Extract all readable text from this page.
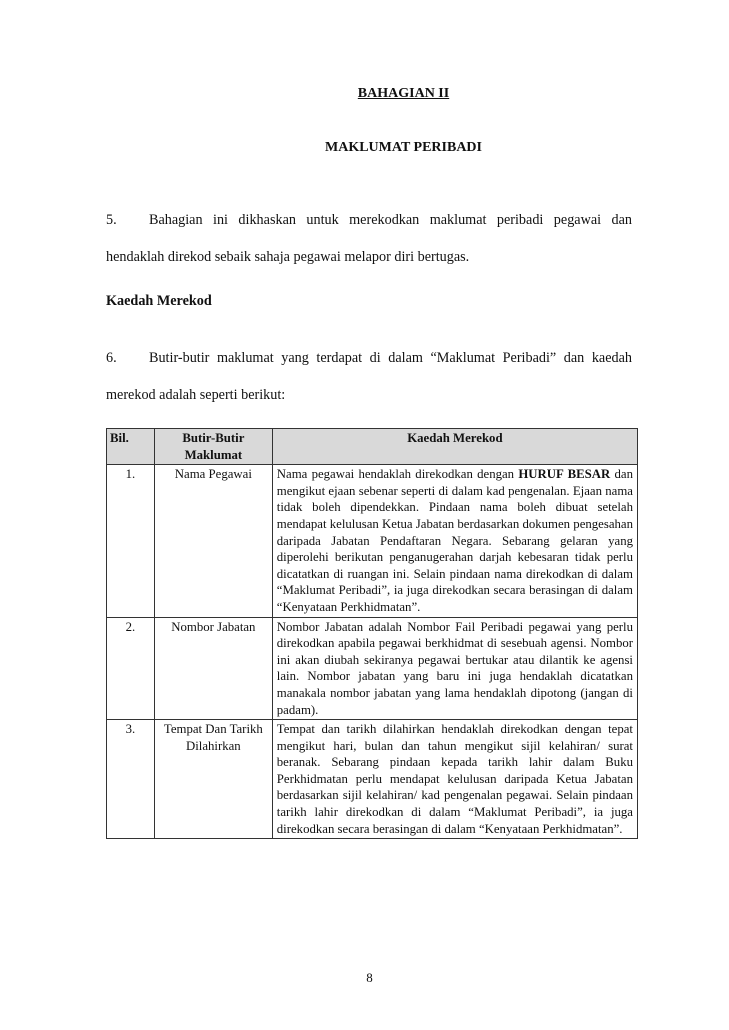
BAHAGIAN II
MAKLUMAT PERIBADI
5. Bahagian ini dikhaskan untuk merekodkan maklumat peribadi pegawai dan hendaklah direkod sebaik sahaja pegawai melapor diri bertugas.
Kaedah Merekod
6. Butir-butir maklumat yang terdapat di dalam “Maklumat Peribadi” dan kaedah merekod adalah seperti berikut:
Bil.	Butir-Butir Maklumat	Kaedah Merekod
1.	Nama Pegawai	Nama pegawai hendaklah direkodkan dengan HURUF BESAR dan mengikut ejaan sebenar seperti di dalam kad pengenalan. Ejaan nama tidak boleh dipendekkan. Pindaan nama boleh dibuat setelah mendapat kelulusan Ketua Jabatan berdasarkan dokumen pengesahan daripada Jabatan Pendaftaran Negara. Sebarang gelaran yang diperolehi berikutan penganugerahan darjah kebesaran tidak perlu dicatatkan di ruangan ini. Selain pindaan nama direkodkan di dalam “Maklumat Peribadi”, ia juga direkodkan secara berasingan di dalam “Kenyataan Perkhidmatan”.
2.	Nombor Jabatan	Nombor Jabatan adalah Nombor Fail Peribadi pegawai yang perlu direkodkan apabila pegawai berkhidmat di sesebuah agensi. Nombor ini akan diubah sekiranya pegawai bertukar atau dilantik ke agensi lain. Nombor jabatan yang baru ini juga hendaklah dicatatkan manakala nombor jabatan yang lama hendaklah dipotong (jangan di padam).
3.	Tempat Dan Tarikh Dilahirkan	Tempat dan tarikh dilahirkan hendaklah direkodkan dengan tepat mengikut hari, bulan dan tahun mengikut sijil kelahiran/ surat beranak. Sebarang pindaan kepada tarikh lahir dalam Buku Perkhidmatan perlu mendapat kelulusan daripada Ketua Jabatan berdasarkan sijil kelahiran/ kad pengenalan pegawai. Selain pindaan tarikh lahir direkodkan di dalam “Maklumat Peribadi”, ia juga direkodkan secara berasingan di dalam “Kenyataan Perkhidmatan”.
8
